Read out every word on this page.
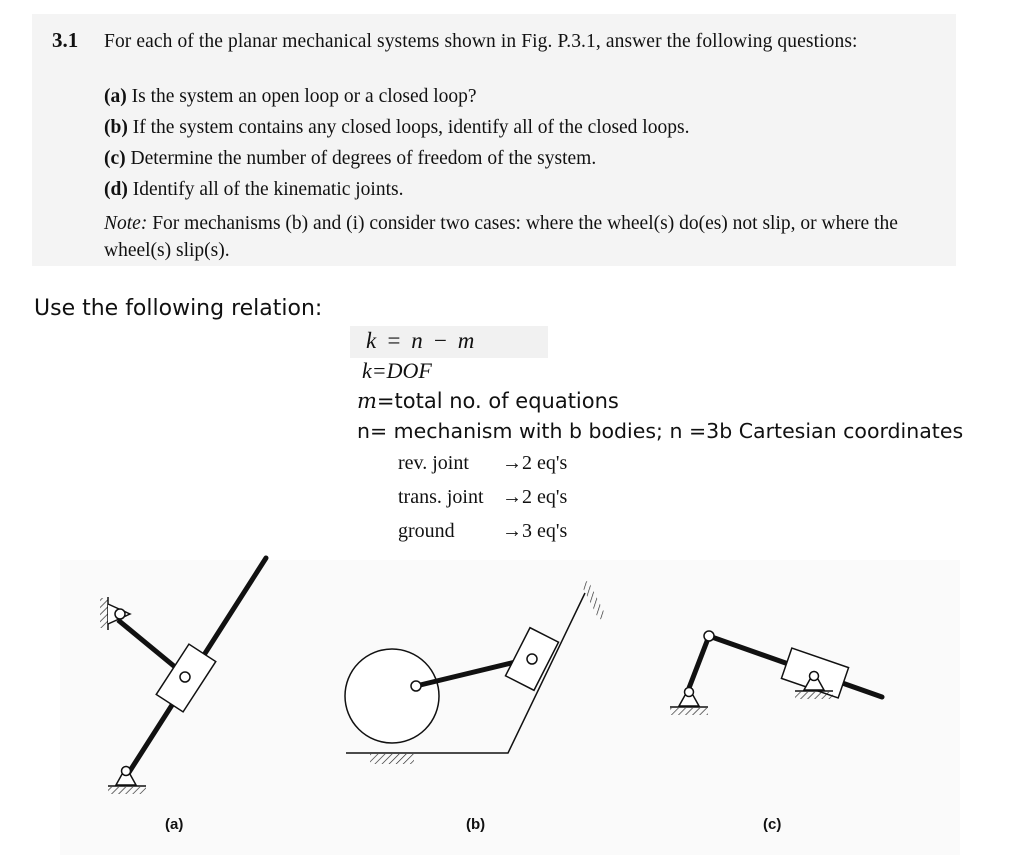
3.1 For each of the planar mechanical systems shown in Fig. P.3.1, answer the following questions:
(a) Is the system an open loop or a closed loop?
(b) If the system contains any closed loops, identify all of the closed loops.
(c) Determine the number of degrees of freedom of the system.
(d) Identify all of the kinematic joints.
Note: For mechanisms (b) and (i) consider two cases: where the wheel(s) do(es) not slip, or where the wheel(s) slip(s).
Use the following relation:
k = n − m
k=DOF
m=total no. of equations
n= mechanism with b bodies; n =3b Cartesian coordinates
rev. joint →2 eq's
trans. joint →2 eq's
ground →3 eq's
(a)	(b)	(c)
